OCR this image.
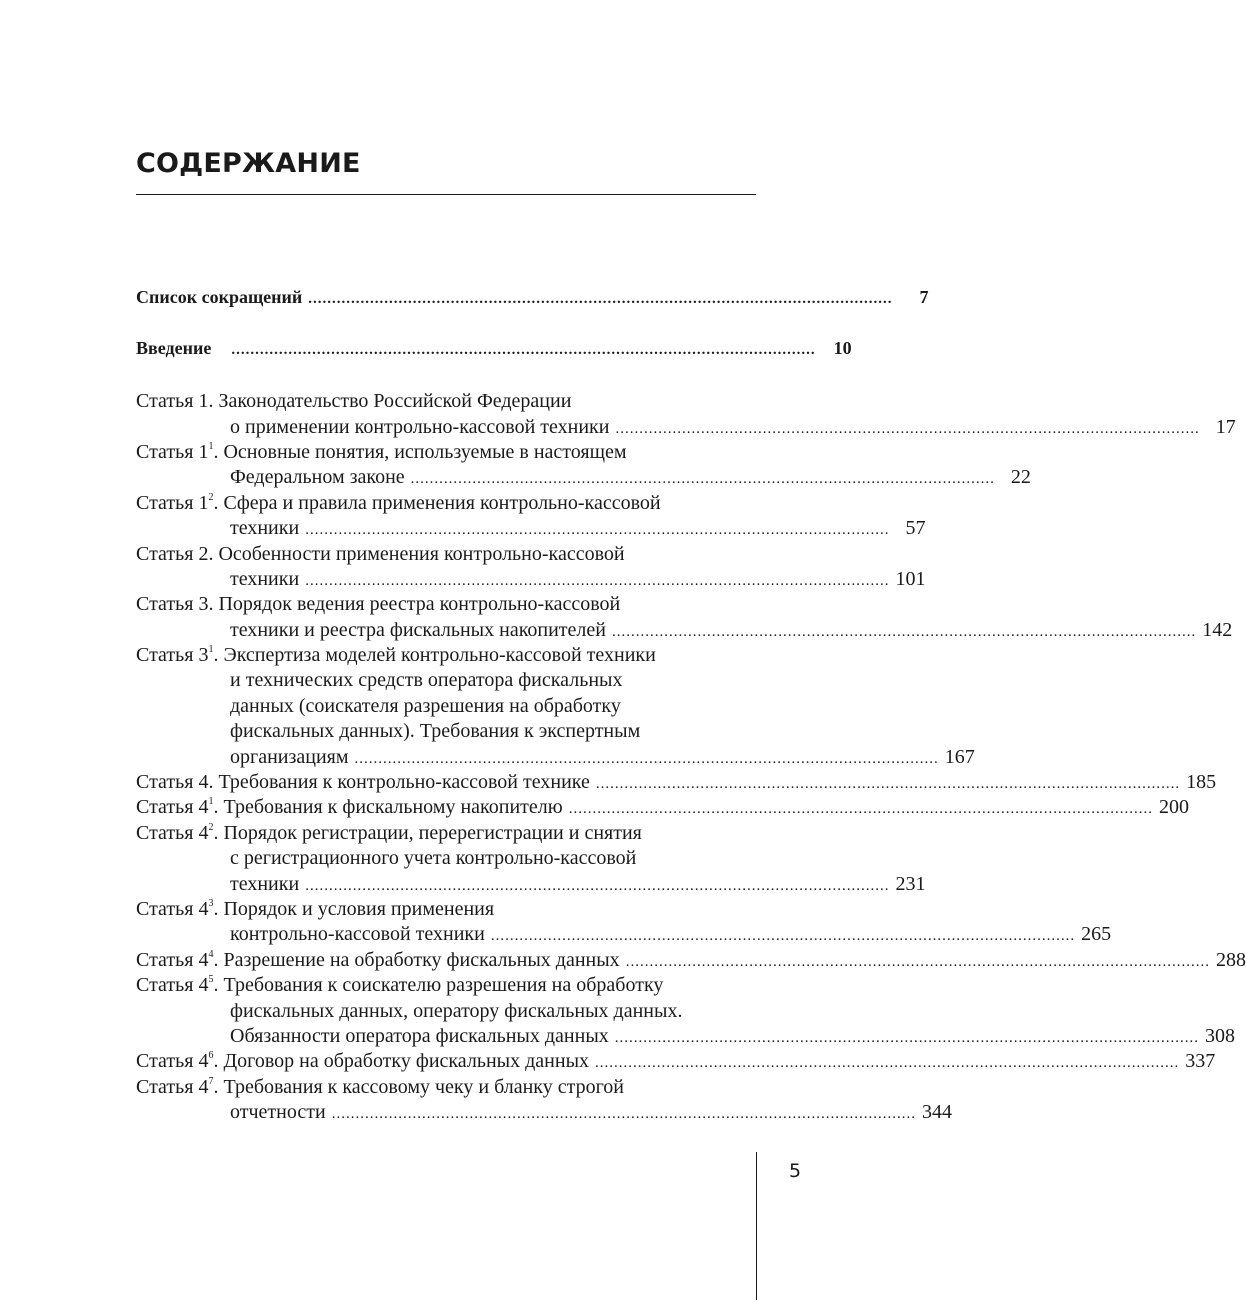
СОДЕРЖАНИЕ
Список сокращений ...........................................................................................................................	7
Введение ...........................................................................................................................	10
Статья 1. Законодательство Российской Федерации
о применении контрольно-кассовой техники ........................................................................................................................... 17
Статья $1^1$. Основные понятия, используемые в настоящем
Федеральном законе ........................................................................................................................... 22
Статья $1^2$. Сфера и правила применения контрольно-кассовой
техники ........................................................................................................................... 57
Статья 2. Особенности применения контрольно-кассовой
техники ........................................................................................................................... 101
Статья 3. Порядок ведения реестра контрольно-кассовой
техники и реестра фискальных накопителей ........................................................................................................................... 142
Статья $3^1$. Экспертиза моделей контрольно-кассовой техники
и технических средств оператора фискальных
данных (соискателя разрешения на обработку
фискальных данных). Требования к экспертным
организациям ........................................................................................................................... 167
Статья 4. Требования к контрольно-кассовой технике ........................................................................................................................... 185
Статья $4^1$. Требования к фискальному накопителю ........................................................................................................................... 200
Статья $4^2$. Порядок регистрации, перерегистрации и снятия
с регистрационного учета контрольно-кассовой
техники ........................................................................................................................... 231
Статья $4^3$. Порядок и условия применения
контрольно-кассовой техники ........................................................................................................................... 265
Статья $4^4$. Разрешение на обработку фискальных данных ........................................................................................................................... 288
Статья $4^5$. Требования к соискателю разрешения на обработку
фискальных данных, оператору фискальных данных.
Обязанности оператора фискальных данных ........................................................................................................................... 308
Статья $4^6$. Договор на обработку фискальных данных ........................................................................................................................... 337
Статья $4^7$. Требования к кассовому чеку и бланку строгой
отчетности ........................................................................................................................... 344
5
